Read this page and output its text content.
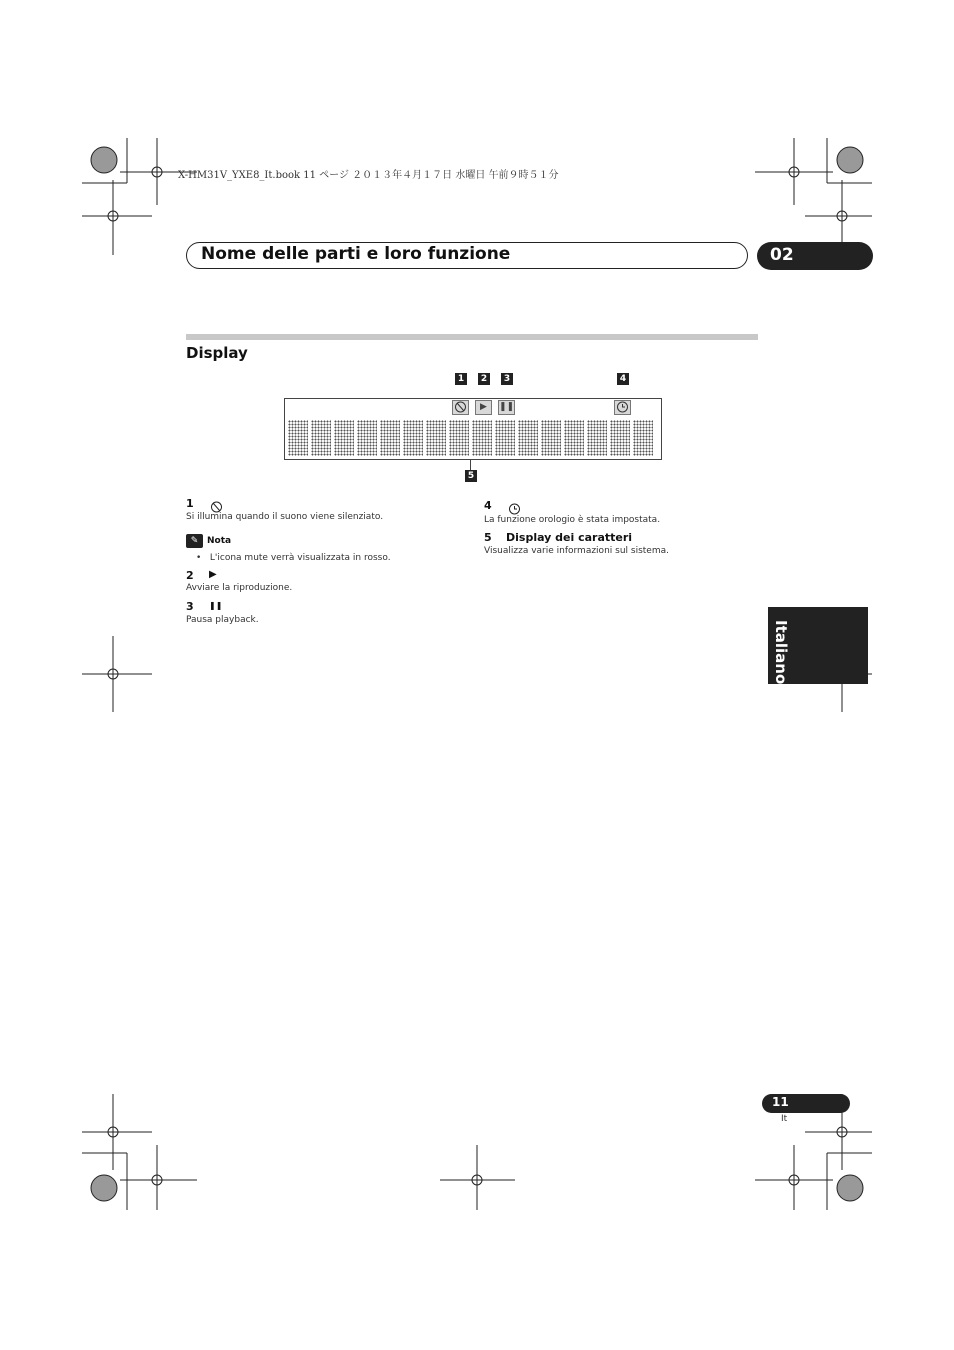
X-HM31V_YXE8_It.book 11 ページ ２０１３年４月１７日 水曜日 午前９時５１分
Nome delle parti e loro funzione	02
Display
1	2	3	4
▶	❚❚
5
1
Si illumina quando il suono viene silenziato.
✎ Nota
•   L'icona mute verrà visualizzata in rosso.
2 ▶
Avviare la riproduzione.
3 ❚❚
Pausa playback.
4
La funzione orologio è stata impostata.
5 Display dei caratteri
Visualizza varie informazioni sul sistema.
Italiano
11
It
